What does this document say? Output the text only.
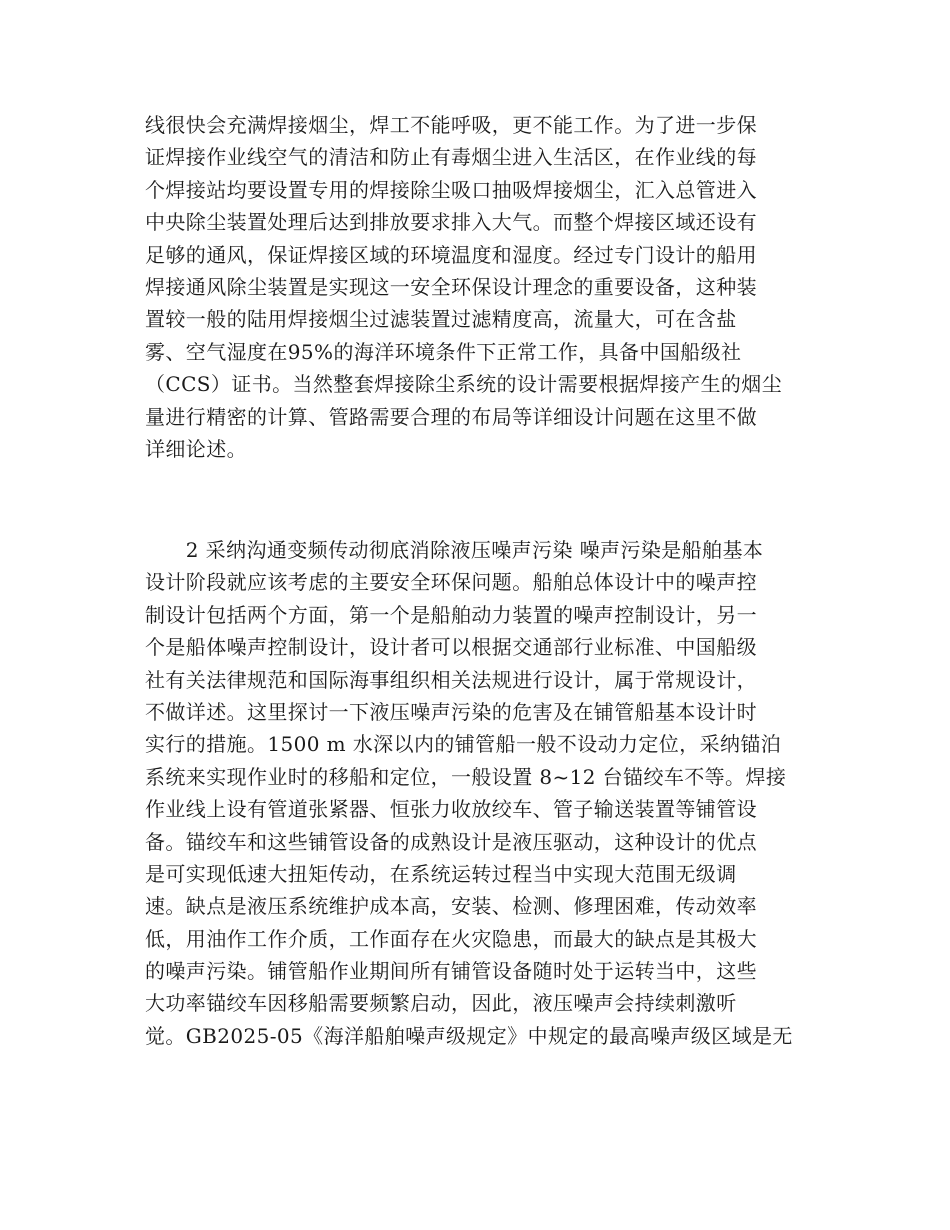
线很快会充满焊接烟尘，焊工不能呼吸，更不能工作。为了进一步保
证焊接作业线空气的清洁和防止有毒烟尘进入生活区，在作业线的每
个焊接站均要设置专用的焊接除尘吸口抽吸焊接烟尘，汇入总管进入
中央除尘装置处理后达到排放要求排入大气。而整个焊接区域还设有
足够的通风，保证焊接区域的环境温度和湿度。经过专门设计的船用
焊接通风除尘装置是实现这一安全环保设计理念的重要设备，这种装
置较一般的陆用焊接烟尘过滤装置过滤精度高，流量大，可在含盐
雾、空气湿度在95%的海洋环境条件下正常工作，具备中国船级社
（CCS）证书。当然整套焊接除尘系统的设计需要根据焊接产生的烟尘
量进行精密的计算、管路需要合理的布局等详细设计问题在这里不做
详细论述。
　　2 采纳沟通变频传动彻底消除液压噪声污染 噪声污染是船舶基本
设计阶段就应该考虑的主要安全环保问题。船舶总体设计中的噪声控
制设计包括两个方面，第一个是船舶动力装置的噪声控制设计，另一
个是船体噪声控制设计，设计者可以根据交通部行业标准、中国船级
社有关法律规范和国际海事组织相关法规进行设计，属于常规设计，
不做详述。这里探讨一下液压噪声污染的危害及在铺管船基本设计时
实行的措施。1500 m 水深以内的铺管船一般不设动力定位，采纳锚泊
系统来实现作业时的移船和定位，一般设置 8~12 台锚绞车不等。焊接
作业线上设有管道张紧器、恒张力收放绞车、管子输送装置等铺管设
备。锚绞车和这些铺管设备的成熟设计是液压驱动，这种设计的优点
是可实现低速大扭矩传动，在系统运转过程当中实现大范围无级调
速。缺点是液压系统维护成本高，安装、检测、修理困难，传动效率
低，用油作工作介质，工作面存在火灾隐患，而最大的缺点是其极大
的噪声污染。铺管船作业期间所有铺管设备随时处于运转当中，这些
大功率锚绞车因移船需要频繁启动，因此，液压噪声会持续刺激听
觉。GB2025-05《海洋船舶噪声级规定》中规定的最高噪声级区域是无
